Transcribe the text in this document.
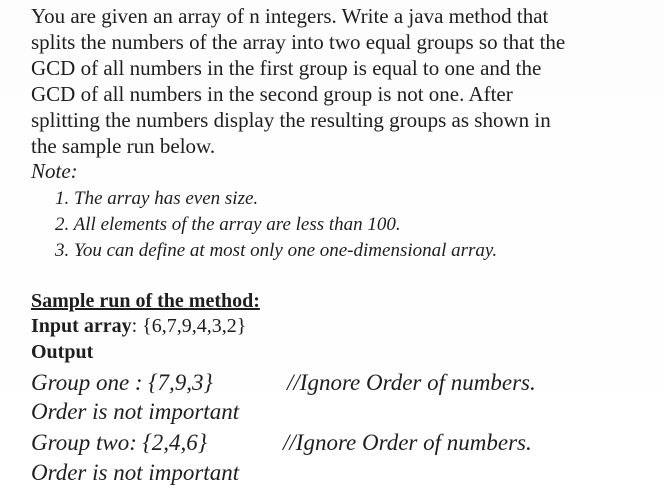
You are given an array of n integers. Write a java method that
splits the numbers of the array into two equal groups so that the
GCD of all numbers in the first group is equal to one and the
GCD of all numbers in the second group is not one. After
splitting the numbers display the resulting groups as shown in
the sample run below.

Note:

1. The array has even size.
2. All elements of the array are less than 100.
3. You can define at most only one one-dimensional array.

Sample run of the method:

Input array: {6,7,9,4,3,2}
Output
Group one : {7,9,3}	//Ignore Order of numbers.
Order is not important
Group two: {2,4,6}	//Ignore Order of numbers.
Order is not important
